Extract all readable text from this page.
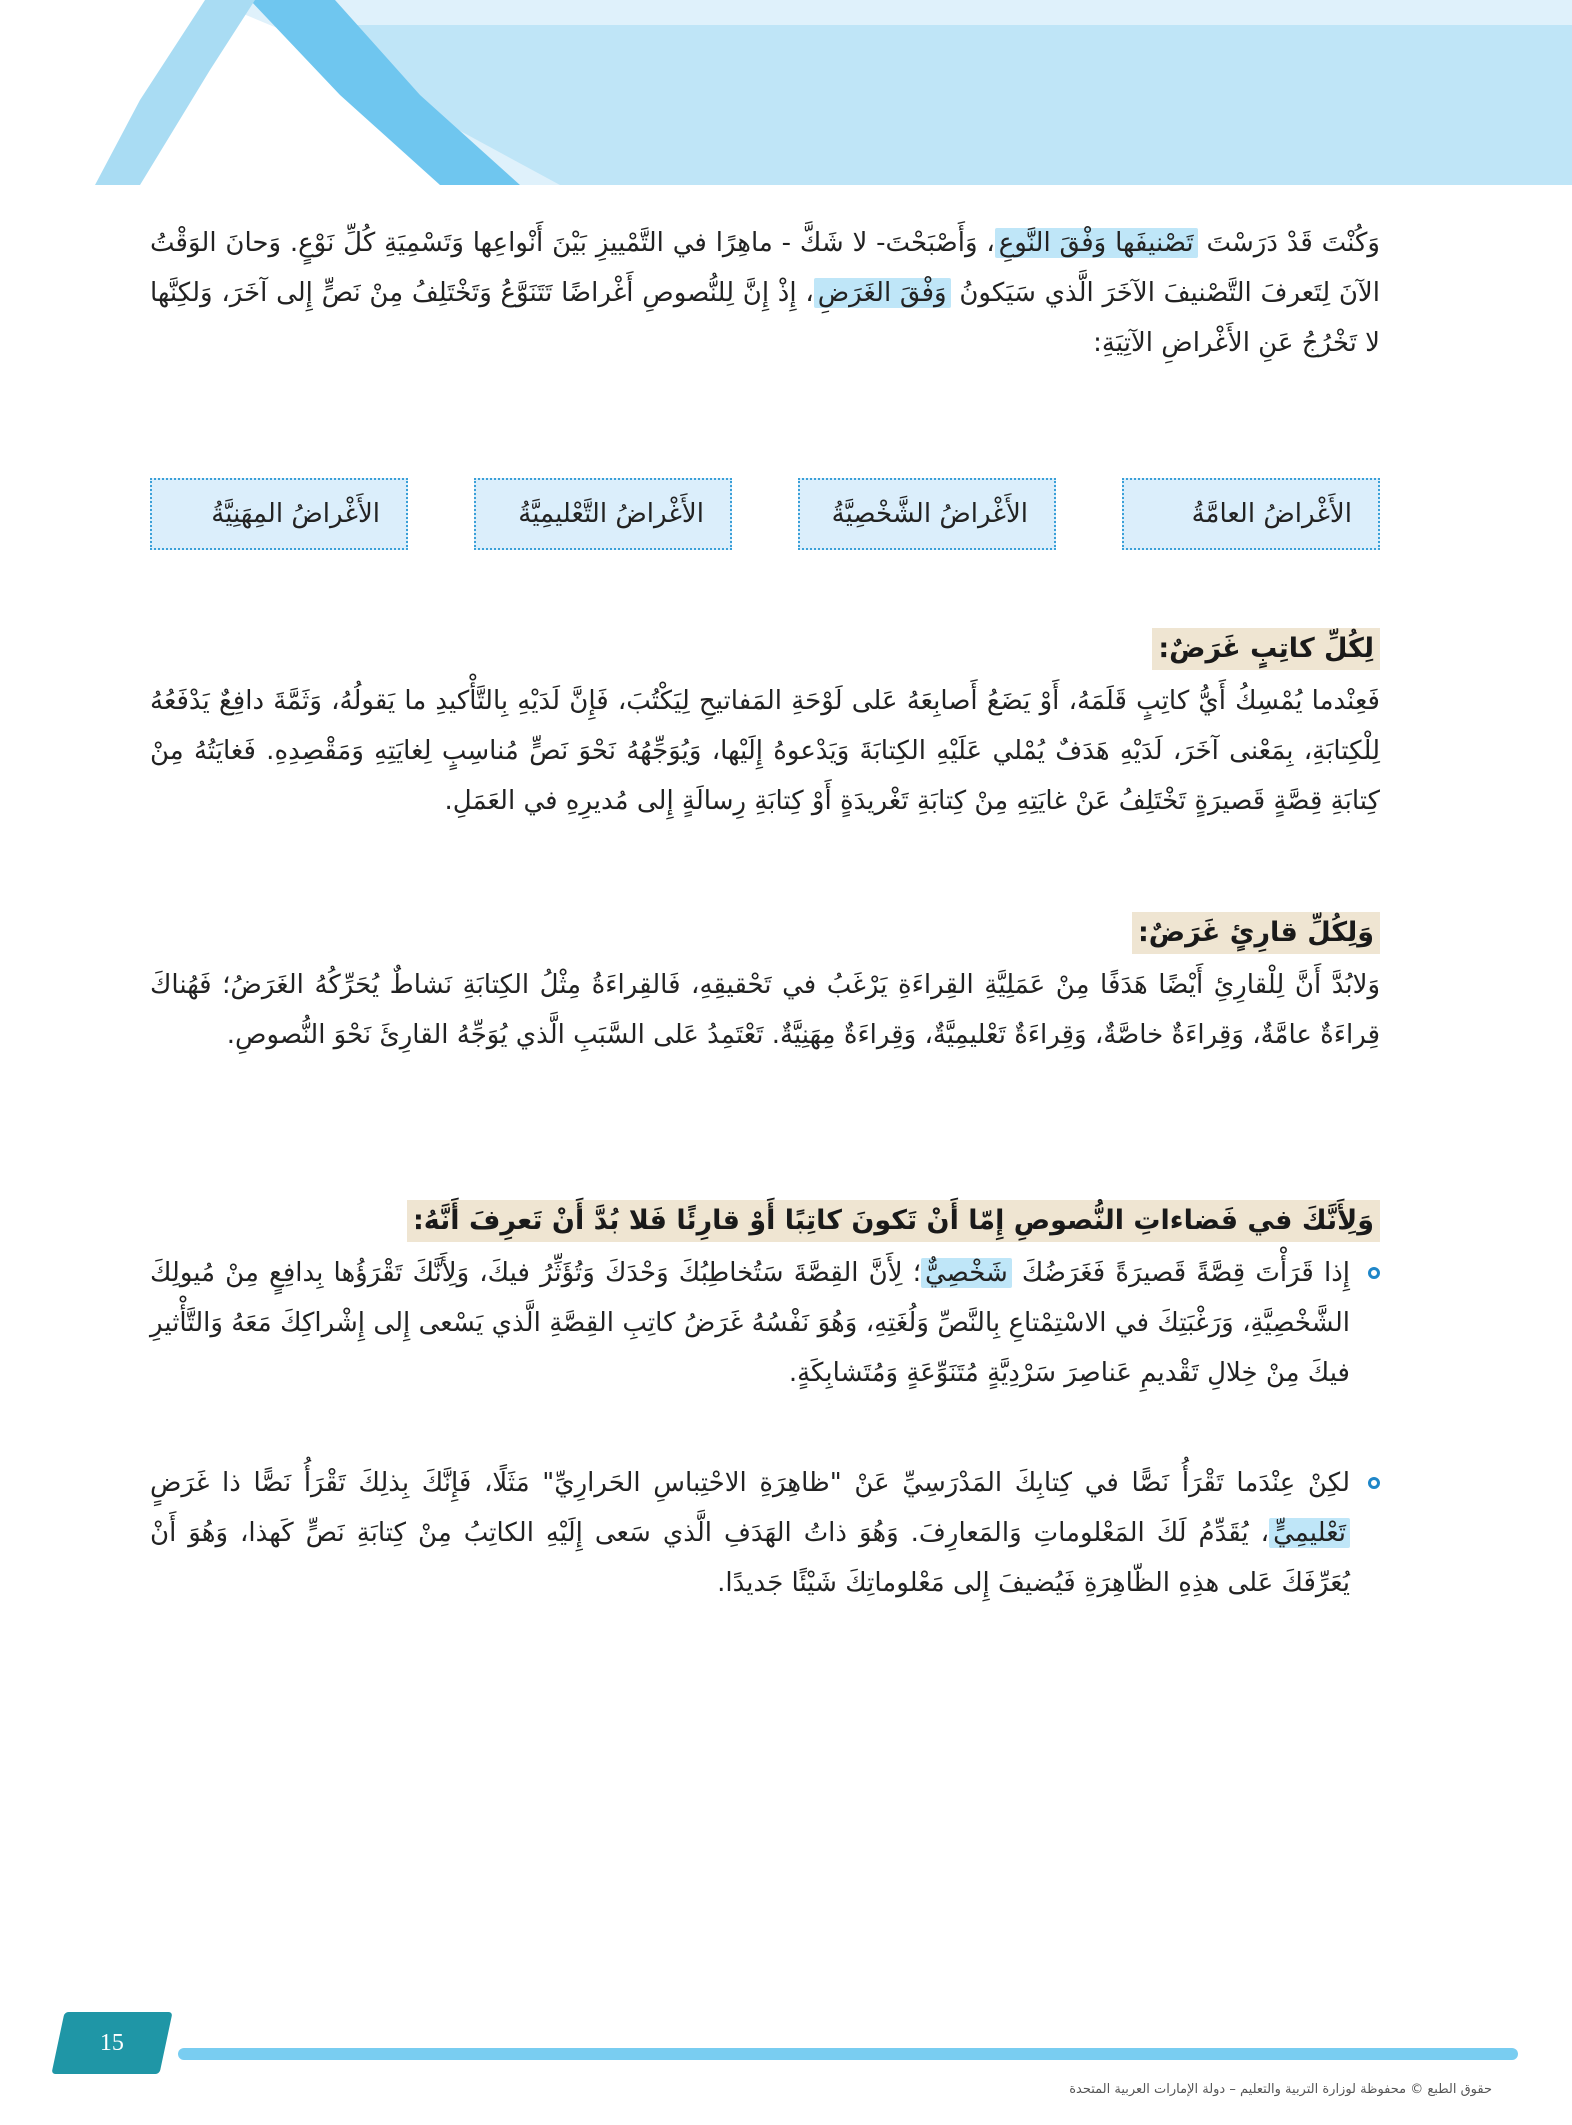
وَكُنْتَ قَدْ دَرَسْتَ تَصْنيفَها وَفْقَ النَّوعِ، وَأَصْبَحْتَ- لا شَكَّ - ماهِرًا في التَّمْييزِ بَيْنَ أَنْواعِها وَتَسْمِيَةِ كُلِّ نَوْعٍ. وَحانَ الوَقْتُ الآنَ لِتَعرفَ التَّصْنيفَ الآخَرَ الَّذي سَيَكونُ وَفْقَ الغَرَضِ، إِذْ إِنَّ لِلنُّصوصِ أَغْراضًا تَتَنَوَّعُ وَتَخْتَلِفُ مِنْ نَصٍّ إِلى آخَرَ، وَلكِنَّها لا تَخْرُجُ عَنِ الأَغْراضِ الآتِيَةِ:

الأَغْراضُ العامَّةُ
الأَغْراضُ الشَّخْصِيَّةُ
الأَغْراضُ التَّعْليمِيَّةُ
الأَغْراضُ المِهَنِيَّةُ
لِكُلِّ كاتِبٍ غَرَضٌ:

فَعِنْدما يُمْسِكُ أَيُّ كاتِبٍ قَلَمَهُ، أَوْ يَضَعُ أَصابِعَهُ عَلى لَوْحَةِ المَفاتيحِ لِيَكْتُبَ، فَإِنَّ لَدَيْهِ بِالتَّأْكيدِ ما يَقولُهُ، وَثَمَّةَ دافِعٌ يَدْفَعُهُ لِلْكِتابَةِ، بِمَعْنى آخَرَ، لَدَيْهِ هَدَفٌ يُمْلي عَلَيْهِ الكِتابَةَ وَيَدْعوهُ إِلَيْها، وَيُوَجِّهُهُ نَحْوَ نَصٍّ مُناسِبٍ لِغايَتِهِ وَمَقْصِدِهِ. فَغايَتُهُ مِنْ كِتابَةِ قِصَّةٍ قَصيرَةٍ تَخْتَلِفُ عَنْ غايَتِهِ مِنْ كِتابَةِ تَغْريدَةٍ أَوْ كِتابَةِ رِسالَةٍ إِلى مُديرِهِ في العَمَلِ.

وَلِكُلِّ قارِئٍ غَرَضٌ:

وَلابُدَّ أَنَّ لِلْقارِئِ أَيْضًا هَدَفًا مِنْ عَمَلِيَّةِ القِراءَةِ يَرْغَبُ في تَحْقيقِهِ، فَالقِراءَةُ مِثْلُ الكِتابَةِ نَشاطٌ يُحَرِّكُهُ الغَرَضُ؛ فَهُناكَ قِراءَةٌ عامَّةٌ، وَقِراءَةٌ خاصَّةٌ، وَقِراءَةٌ تَعْليمِيَّةٌ، وَقِراءَةٌ مِهَنِيَّةٌ. تَعْتَمِدُ عَلى السَّبَبِ الَّذي يُوَجِّهُ القارِئَ نَحْوَ النُّصوصِ.

وَلِأَنَّكَ في فَضاءاتِ النُّصوصِ إِمّا أَنْ تَكونَ كاتِبًا أَوْ قارِئًا فَلا بُدَّ أَنْ تَعرِفَ أَنَّهُ:
إِذا قَرَأْتَ قِصَّةً قَصيرَةً فَغَرَضُكَ شَخْصِيٌّ؛ لِأَنَّ القِصَّةَ سَتُخاطِبُكَ وَحْدَكَ وَتُؤَثِّرُ فيكَ، وَلِأَنَّكَ تَقْرَؤُها بِدافِعٍ مِنْ مُيولِكَ الشَّخْصِيَّةِ، وَرَغْبَتِكَ في الاسْتِمْتاعِ بِالنَّصِّ وَلُغَتِهِ، وَهُوَ نَفْسُهُ غَرَضُ كاتِبِ القِصَّةِ الَّذي يَسْعى إِلى إِشْراكِكَ مَعَهُ وَالتَّأْثيرِ فيكَ مِنْ خِلالِ تَقْديمِ عَناصِرَ سَرْدِيَّةٍ مُتَنَوِّعَةٍ وَمُتَشابِكَةٍ.
لكِنْ عِنْدَما تَقْرَأُ نَصًّا في كِتابِكَ المَدْرَسِيِّ عَنْ "ظاهِرَةِ الاحْتِباسِ الحَرارِيِّ" مَثَلًا، فَإِنَّكَ بِذلِكَ تَقْرَأُ نَصًّا ذا غَرَضٍ تَعْليمِيٍّ، يُقَدِّمُ لَكَ المَعْلوماتِ وَالمَعارِفَ. وَهُوَ ذاتُ الهَدَفِ الَّذي سَعى إِلَيْهِ الكاتِبُ مِنْ كِتابَةِ نَصٍّ كَهذا، وَهُوَ أَنْ يُعَرِّفَكَ عَلى هذِهِ الظّاهِرَةِ فَيُضيفَ إِلى مَعْلوماتِكَ شَيْئًا جَديدًا.
15
حقوق الطبع © محفوظة لوزارة التربية والتعليم – دولة الإمارات العربية المتحدة
